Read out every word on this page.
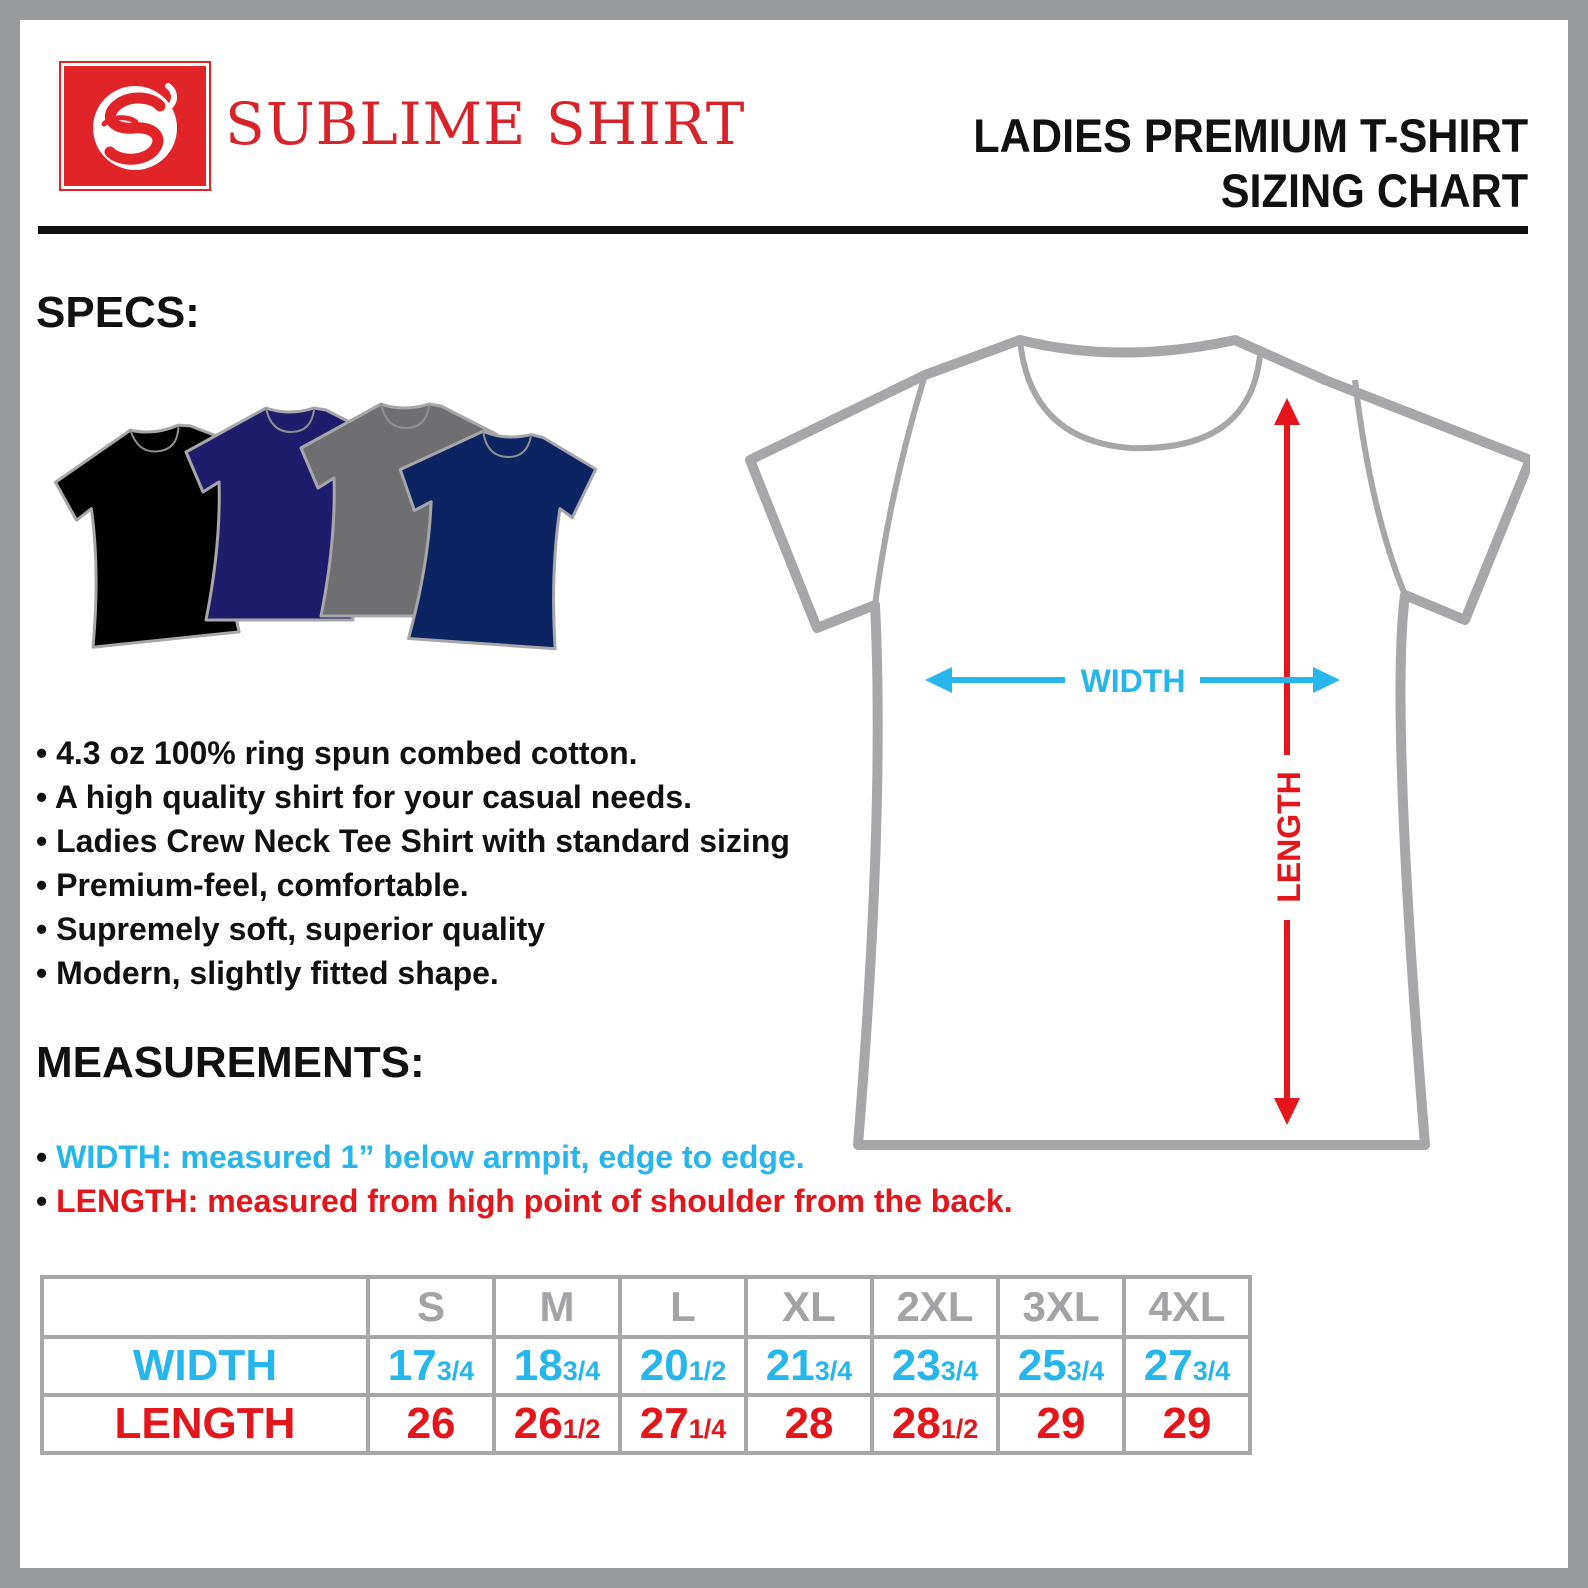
SUBLIME SHIRT	LADIES PREMIUM T-SHIRT
SIZING CHART
SPECS:
• 4.3 oz 100% ring spun combed cotton.
• A high quality shirt for your casual needs.
• Ladies Crew Neck Tee Shirt with standard sizing
• Premium-feel, comfortable.
• Supremely soft, superior quality
• Modern, slightly fitted shape.
MEASUREMENTS:
• WIDTH: measured 1” below armpit, edge to edge.
• LENGTH: measured from high point of shoulder from the back.
LENGTH
WIDTH
	S	M	L	XL	2XL	3XL	4XL
WIDTH	173/4	183/4	201/2	213/4	233/4	253/4	273/4
LENGTH	26	261/2	271/4	28	281/2	29	29
